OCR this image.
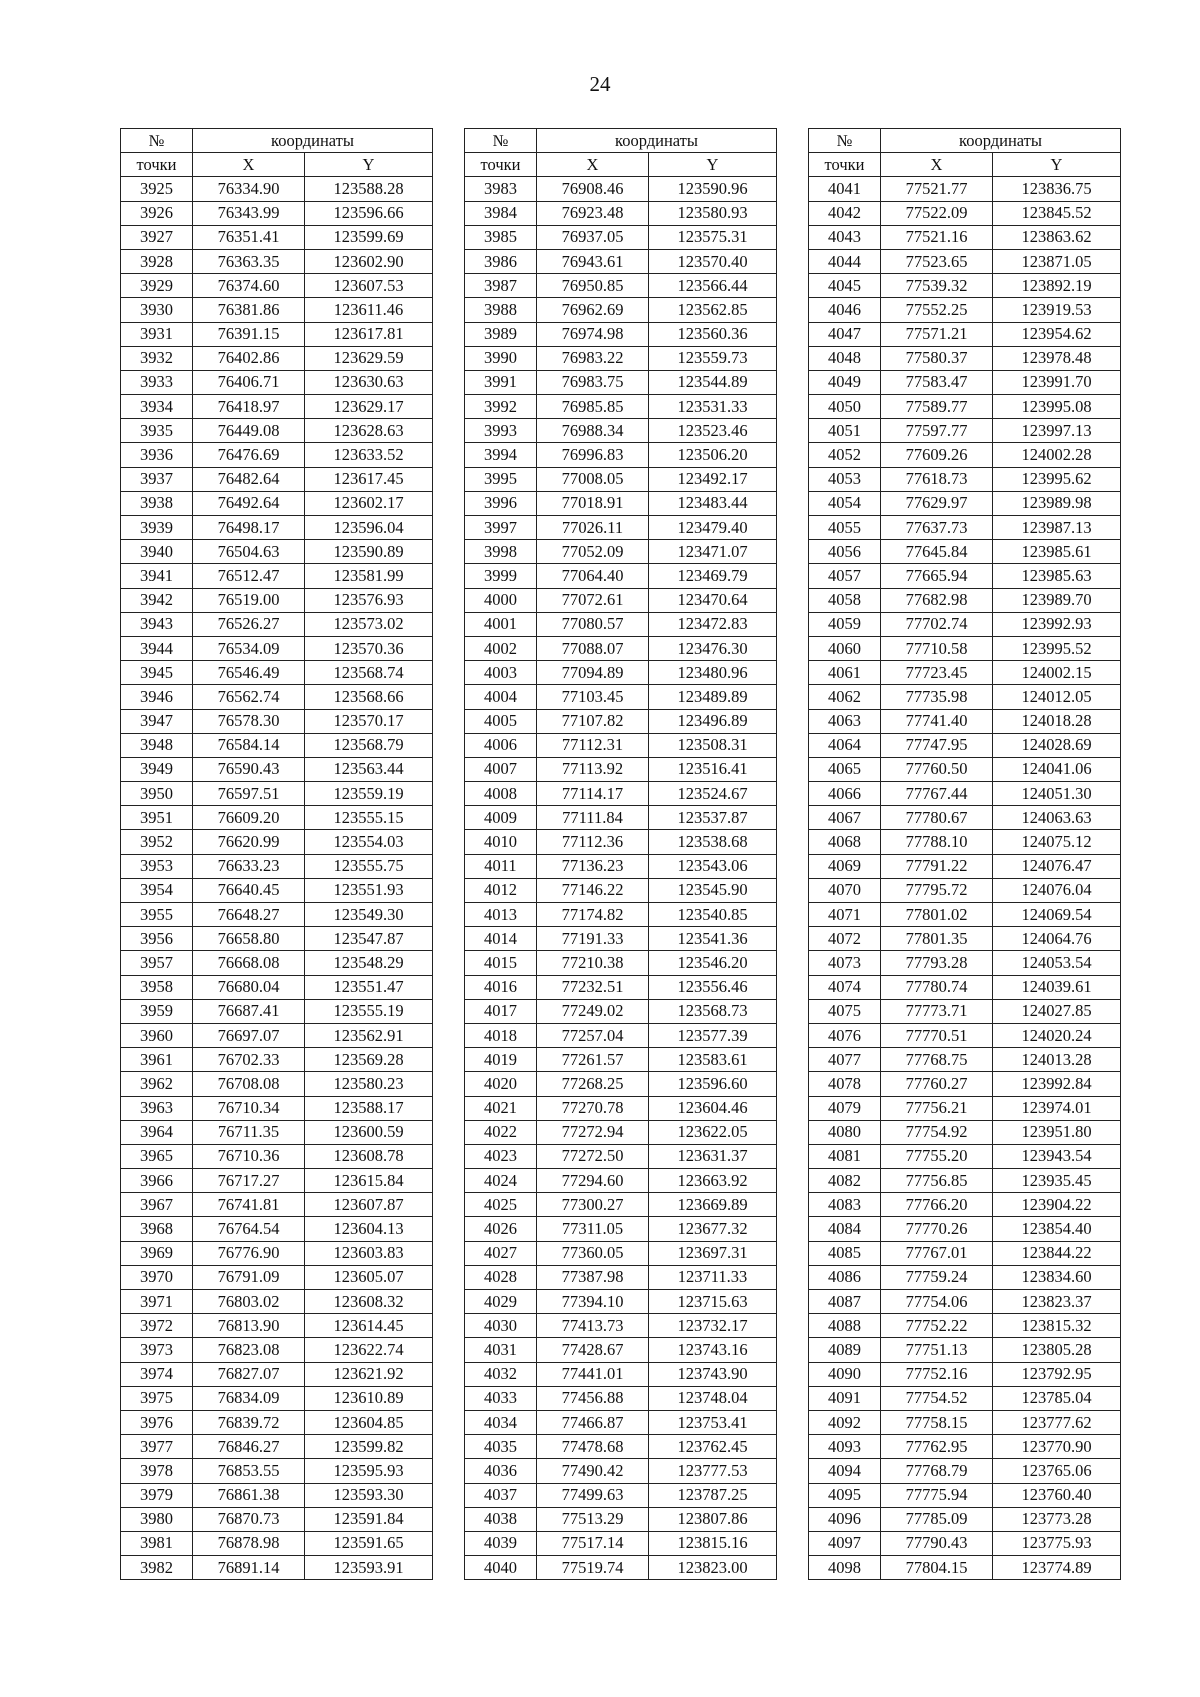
24
№	координаты	
точки	X	Y
3925	76334.90	123588.28
3926	76343.99	123596.66
3927	76351.41	123599.69
3928	76363.35	123602.90
3929	76374.60	123607.53
3930	76381.86	123611.46
3931	76391.15	123617.81
3932	76402.86	123629.59
3933	76406.71	123630.63
3934	76418.97	123629.17
3935	76449.08	123628.63
3936	76476.69	123633.52
3937	76482.64	123617.45
3938	76492.64	123602.17
3939	76498.17	123596.04
3940	76504.63	123590.89
3941	76512.47	123581.99
3942	76519.00	123576.93
3943	76526.27	123573.02
3944	76534.09	123570.36
3945	76546.49	123568.74
3946	76562.74	123568.66
3947	76578.30	123570.17
3948	76584.14	123568.79
3949	76590.43	123563.44
3950	76597.51	123559.19
3951	76609.20	123555.15
3952	76620.99	123554.03
3953	76633.23	123555.75
3954	76640.45	123551.93
3955	76648.27	123549.30
3956	76658.80	123547.87
3957	76668.08	123548.29
3958	76680.04	123551.47
3959	76687.41	123555.19
3960	76697.07	123562.91
3961	76702.33	123569.28
3962	76708.08	123580.23
3963	76710.34	123588.17
3964	76711.35	123600.59
3965	76710.36	123608.78
3966	76717.27	123615.84
3967	76741.81	123607.87
3968	76764.54	123604.13
3969	76776.90	123603.83
3970	76791.09	123605.07
3971	76803.02	123608.32
3972	76813.90	123614.45
3973	76823.08	123622.74
3974	76827.07	123621.92
3975	76834.09	123610.89
3976	76839.72	123604.85
3977	76846.27	123599.82
3978	76853.55	123595.93
3979	76861.38	123593.30
3980	76870.73	123591.84
3981	76878.98	123591.65
3982	76891.14	123593.91
№	координаты	
точки	X	Y
3983	76908.46	123590.96
3984	76923.48	123580.93
3985	76937.05	123575.31
3986	76943.61	123570.40
3987	76950.85	123566.44
3988	76962.69	123562.85
3989	76974.98	123560.36
3990	76983.22	123559.73
3991	76983.75	123544.89
3992	76985.85	123531.33
3993	76988.34	123523.46
3994	76996.83	123506.20
3995	77008.05	123492.17
3996	77018.91	123483.44
3997	77026.11	123479.40
3998	77052.09	123471.07
3999	77064.40	123469.79
4000	77072.61	123470.64
4001	77080.57	123472.83
4002	77088.07	123476.30
4003	77094.89	123480.96
4004	77103.45	123489.89
4005	77107.82	123496.89
4006	77112.31	123508.31
4007	77113.92	123516.41
4008	77114.17	123524.67
4009	77111.84	123537.87
4010	77112.36	123538.68
4011	77136.23	123543.06
4012	77146.22	123545.90
4013	77174.82	123540.85
4014	77191.33	123541.36
4015	77210.38	123546.20
4016	77232.51	123556.46
4017	77249.02	123568.73
4018	77257.04	123577.39
4019	77261.57	123583.61
4020	77268.25	123596.60
4021	77270.78	123604.46
4022	77272.94	123622.05
4023	77272.50	123631.37
4024	77294.60	123663.92
4025	77300.27	123669.89
4026	77311.05	123677.32
4027	77360.05	123697.31
4028	77387.98	123711.33
4029	77394.10	123715.63
4030	77413.73	123732.17
4031	77428.67	123743.16
4032	77441.01	123743.90
4033	77456.88	123748.04
4034	77466.87	123753.41
4035	77478.68	123762.45
4036	77490.42	123777.53
4037	77499.63	123787.25
4038	77513.29	123807.86
4039	77517.14	123815.16
4040	77519.74	123823.00
№	координаты	
точки	X	Y
4041	77521.77	123836.75
4042	77522.09	123845.52
4043	77521.16	123863.62
4044	77523.65	123871.05
4045	77539.32	123892.19
4046	77552.25	123919.53
4047	77571.21	123954.62
4048	77580.37	123978.48
4049	77583.47	123991.70
4050	77589.77	123995.08
4051	77597.77	123997.13
4052	77609.26	124002.28
4053	77618.73	123995.62
4054	77629.97	123989.98
4055	77637.73	123987.13
4056	77645.84	123985.61
4057	77665.94	123985.63
4058	77682.98	123989.70
4059	77702.74	123992.93
4060	77710.58	123995.52
4061	77723.45	124002.15
4062	77735.98	124012.05
4063	77741.40	124018.28
4064	77747.95	124028.69
4065	77760.50	124041.06
4066	77767.44	124051.30
4067	77780.67	124063.63
4068	77788.10	124075.12
4069	77791.22	124076.47
4070	77795.72	124076.04
4071	77801.02	124069.54
4072	77801.35	124064.76
4073	77793.28	124053.54
4074	77780.74	124039.61
4075	77773.71	124027.85
4076	77770.51	124020.24
4077	77768.75	124013.28
4078	77760.27	123992.84
4079	77756.21	123974.01
4080	77754.92	123951.80
4081	77755.20	123943.54
4082	77756.85	123935.45
4083	77766.20	123904.22
4084	77770.26	123854.40
4085	77767.01	123844.22
4086	77759.24	123834.60
4087	77754.06	123823.37
4088	77752.22	123815.32
4089	77751.13	123805.28
4090	77752.16	123792.95
4091	77754.52	123785.04
4092	77758.15	123777.62
4093	77762.95	123770.90
4094	77768.79	123765.06
4095	77775.94	123760.40
4096	77785.09	123773.28
4097	77790.43	123775.93
4098	77804.15	123774.89
